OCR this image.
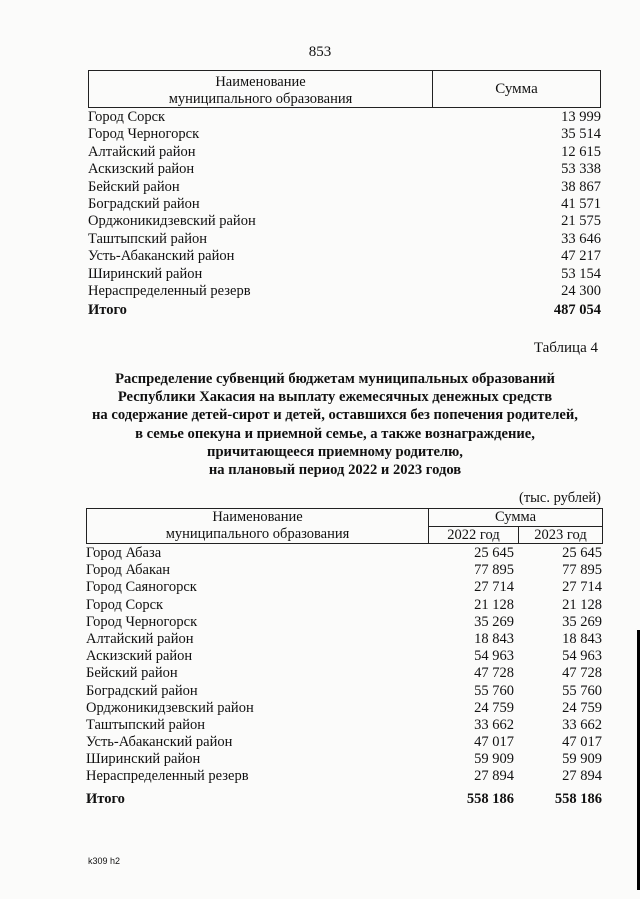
853
Наименование
муниципального образования
Сумма
Город Сорск	13 999
Город Черногорск	35 514
Алтайский район	12 615
Аскизский район	53 338
Бейский район	38 867
Боградский район	41 571
Орджоникидзевский район	21 575
Таштыпский район	33 646
Усть-Абаканский район	47 217
Ширинский район	53 154
Нераспределенный резерв	24 300
Итого	487 054
Таблица 4
Распределение субвенций бюджетам муниципальных образований
Республики Хакасия на выплату ежемесячных денежных средств
на содержание детей-сирот и детей, оставшихся без попечения родителей,
в семье опекуна и приемной семье, а также вознаграждение,
причитающееся приемному родителю,
на плановый период 2022 и 2023 годов
(тыс. рублей)
Наименование
муниципального образования
Сумма
2022 год	2023 год
Город Абаза	25 645	25 645
Город Абакан	77 895	77 895
Город Саяногорск	27 714	27 714
Город Сорск	21 128	21 128
Город Черногорск	35 269	35 269
Алтайский район	18 843	18 843
Аскизский район	54 963	54 963
Бейский район	47 728	47 728
Боградский район	55 760	55 760
Орджоникидзевский район	24 759	24 759
Таштыпский район	33 662	33 662
Усть-Абаканский район	47 017	47 017
Ширинский район	59 909	59 909
Нераспределенный резерв	27 894	27 894
Итого	558 186	558 186
k309 h2
